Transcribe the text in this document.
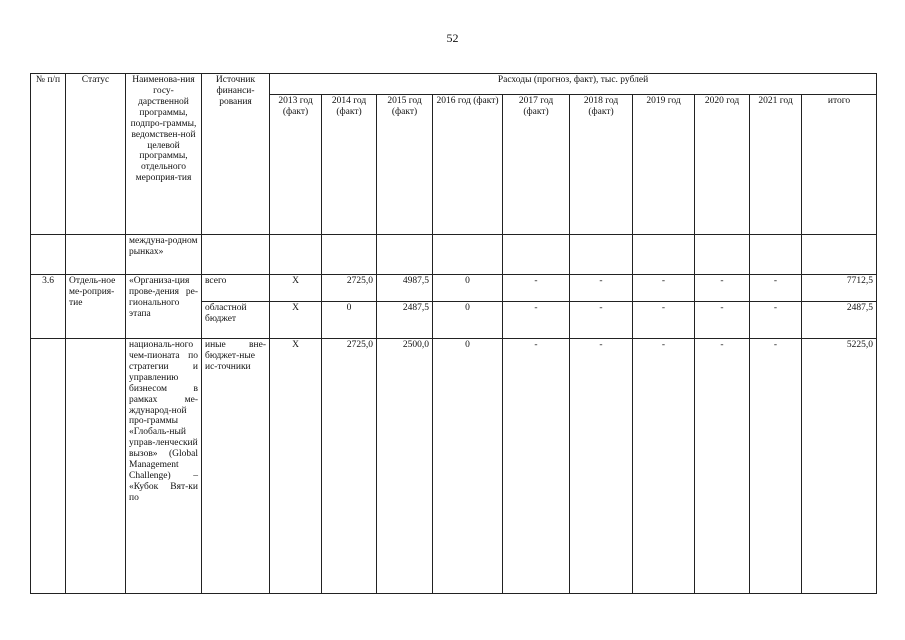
52
№ п/п	Статус	Наименова-ния госу-дарственной программы, подпро-граммы, ведомствен-ной целевой программы, отдельного мероприя-тия	Источник финанси-рования	Расходы (прогноз, факт), тыс. рублей									
				2013 год (факт)	2014 год (факт)	2015 год (факт)	2016 год (факт)	2017 год (факт)	2018 год (факт)	2019 год	2020 год	2021 год	итого
		междуна-родном рынках»											
3.6	Отдель-ное ме-роприя-тие	«Организа-ция прове-дения ре-гионального этапа	всего	Х	2725,0	4987,5	0	-	-	-	-	-	7712,5
			областной бюджет	Х	0	2487,5	0	-	-	-	-	-	2487,5
		националь-ного чем-пионата по стратегии и управлению бизнесом в рамках ме-ждународ-ной про-граммы «Глобаль-ный управ-ленческий вызов» (Global Management Challenge) – «Кубок Вят-ки по	иные вне-бюджет-ные ис-точники	Х	2725,0	2500,0	0	-	-	-	-	-	5225,0
